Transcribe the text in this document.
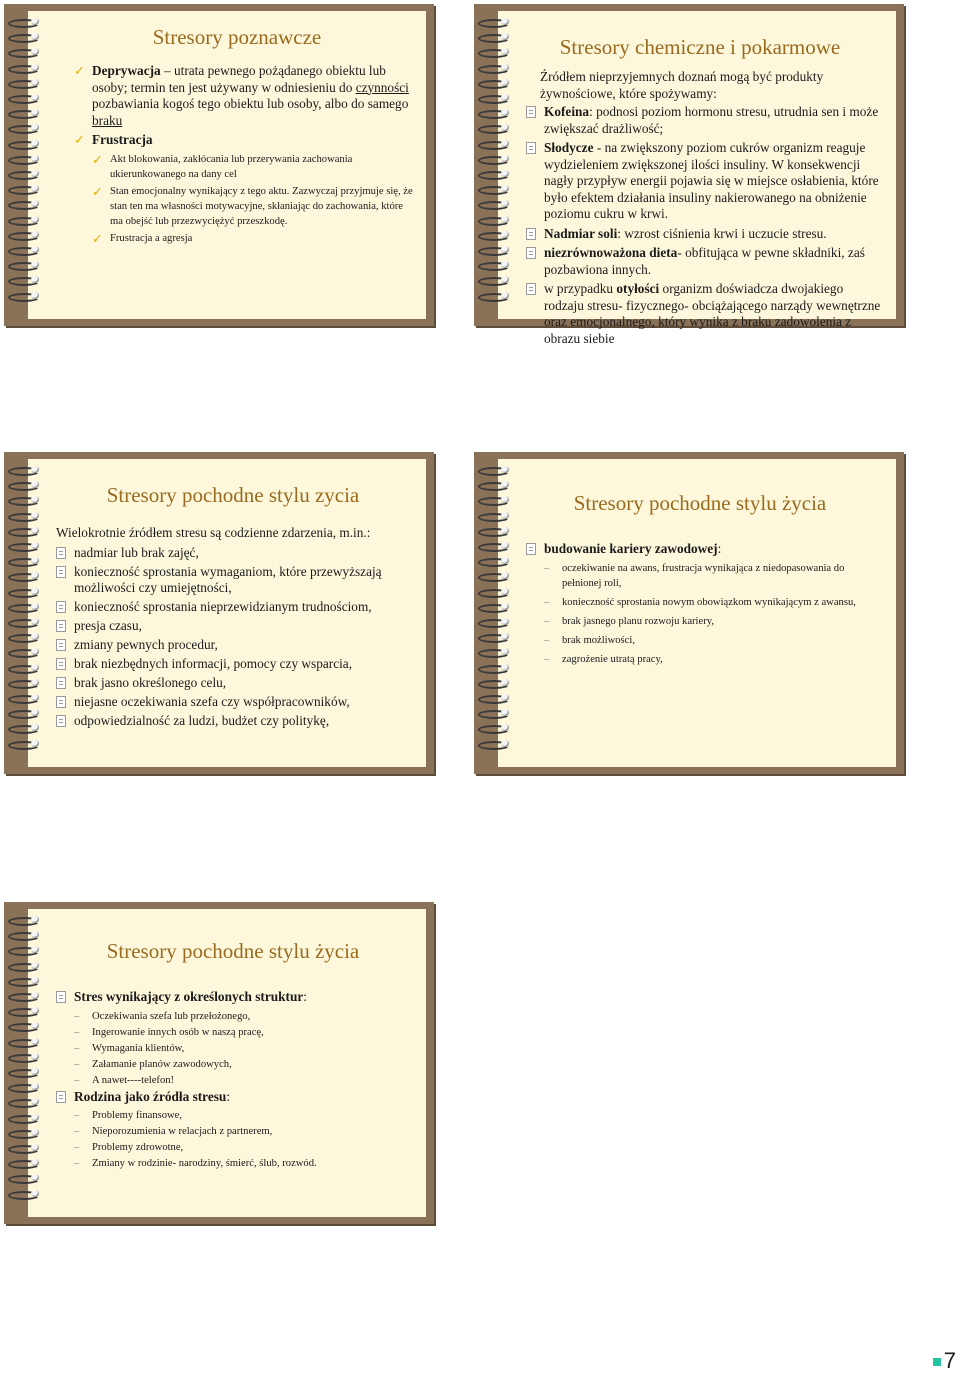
Stresory poznawcze

✓ Deprywacja – utrata pewnego pożądanego obiektu lub osoby; termin ten jest używany w odniesieniu do czynności pozbawiania kogoś tego obiektu lub osoby, albo do samego braku

✓ Frustracja

✓ Akt blokowania, zakłócania lub przerywania zachowania ukierunkowanego na dany cel

✓ Stan emocjonalny wynikający z tego aktu. Zazwyczaj przyjmuje się, że stan ten ma własności motywacyjne, skłaniając do zachowania, które ma obejść lub przezwyciężyć przeszkodę.

✓ Frustracja a agresja

Stresory chemiczne i pokarmowe

Źródłem nieprzyjemnych doznań mogą być produkty żywnościowe, które spożywamy:

Kofeina: podnosi poziom hormonu stresu, utrudnia sen i może zwiększać drażliwość;

Słodycze - na zwiększony poziom cukrów organizm reaguje wydzieleniem zwiększonej ilości insuliny. W konsekwencji nagły przypływ energii pojawia się w miejsce osłabienia, które było efektem działania insuliny nakierowanego na obniżenie poziomu cukru w krwi.

Nadmiar soli: wzrost ciśnienia krwi i uczucie stresu.

niezrównoważona dieta- obfitująca w pewne składniki, zaś pozbawiona innych.

w przypadku otyłości organizm doświadcza dwojakiego rodzaju stresu- fizycznego- obciążającego narządy wewnętrzne oraz emocjonalnego, który wynika z braku zadowolenia z obrazu siebie

Stresory pochodne stylu zycia

Wielokrotnie źródłem stresu są codzienne zdarzenia, m.in.:

nadmiar lub brak zajęć,

konieczność sprostania wymaganiom, które przewyższają możliwości czy umiejętności,

konieczność sprostania nieprzewidzianym trudnościom,

presja czasu,

zmiany pewnych procedur,

brak niezbędnych informacji, pomocy czy wsparcia,

brak jasno określonego celu,

niejasne oczekiwania szefa czy współpracowników,

odpowiedzialność za ludzi, budżet czy politykę,

Stresory pochodne stylu życia

budowanie kariery zawodowej:

– oczekiwanie na awans, frustracja wynikająca z niedopasowania do pełnionej roli,

– konieczność sprostania nowym obowiązkom wynikającym z awansu,

– brak jasnego planu rozwoju kariery,

– brak możliwości,

– zagrożenie utratą pracy,

Stresory pochodne stylu życia

Stres wynikający z określonych struktur:

– Oczekiwania szefa lub przełożonego,

– Ingerowanie innych osób w naszą pracę,

– Wymagania klientów,

– Załamanie planów zawodowych,

– A nawet----telefon!

Rodzina jako źródła stresu:

– Problemy finansowe,

– Nieporozumienia w relacjach z partnerem,

– Problemy zdrowotne,

– Zmiany w rodzinie- narodziny, śmierć, ślub, rozwód.

7
